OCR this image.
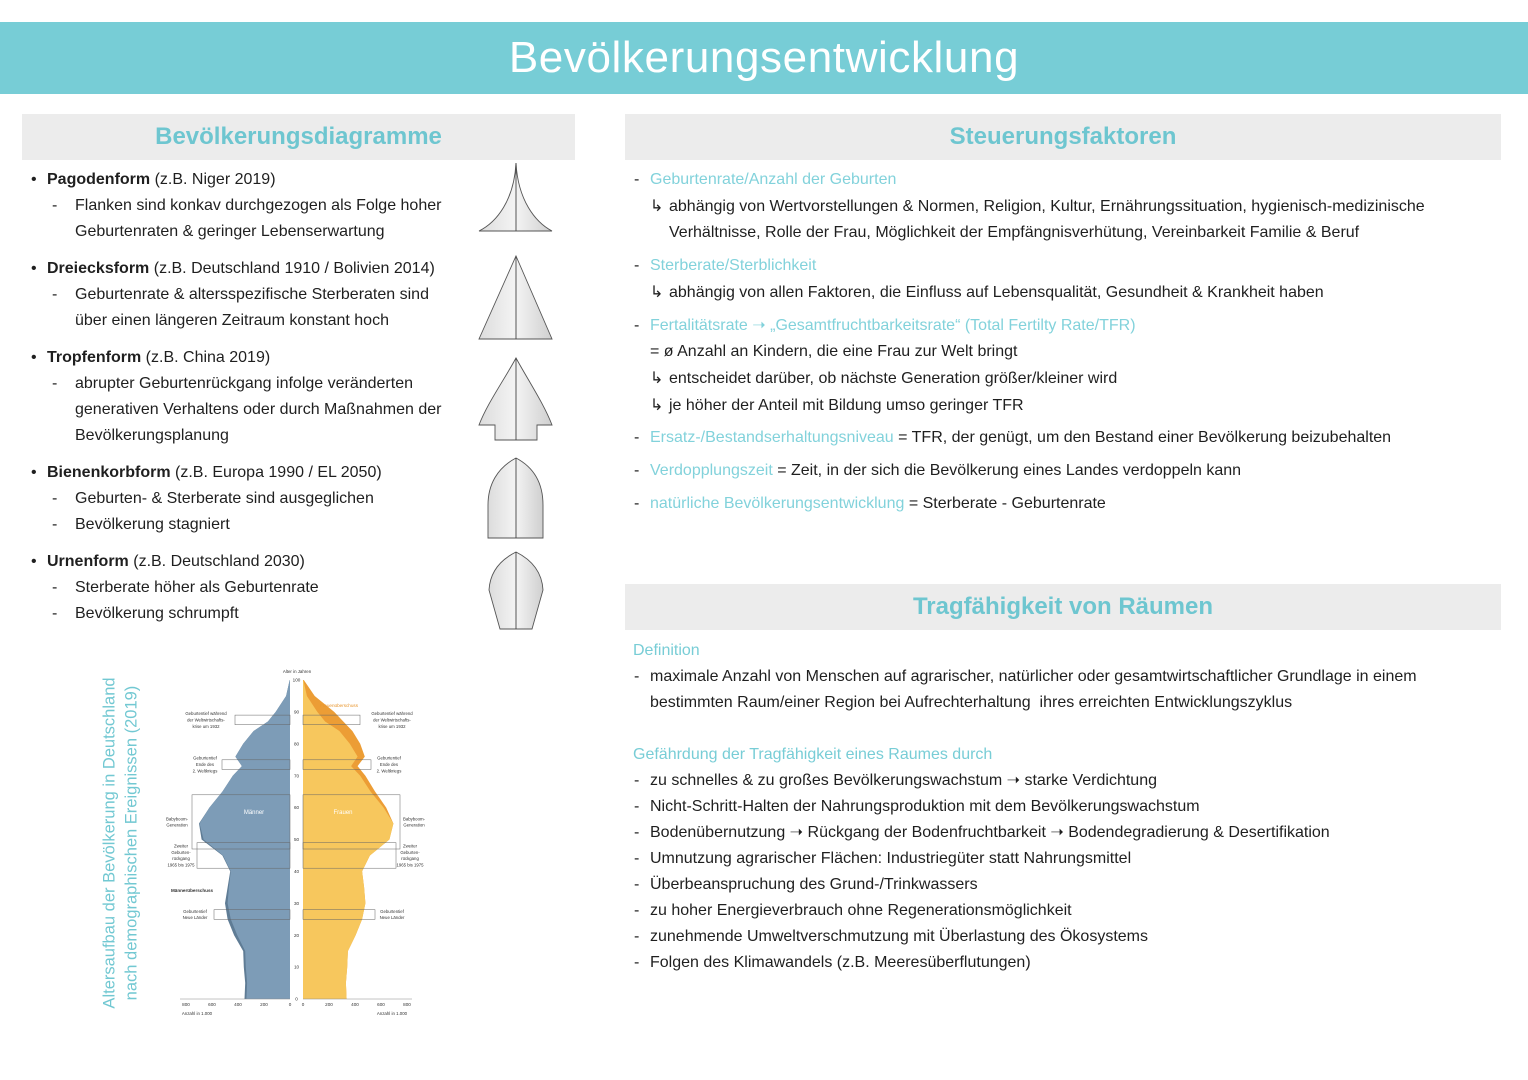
Bevölkerungsentwicklung
Bevölkerungsdiagramme	Steuerungsfaktoren
Tragfähigkeit von Räumen
• Pagodenform (z.B. Niger 2019)
- Flanken sind konkav durchgezogen als Folge hoher
Geburtenraten & geringer Lebenserwartung
• Dreiecksform (z.B. Deutschland 1910 / Bolivien 2014)
- Geburtenrate & altersspezifische Sterberaten sind
über einen längeren Zeitraum konstant hoch
• Tropfenform (z.B. China 2019)
- abrupter Geburtenrückgang infolge veränderten
generativen Verhaltens oder durch Maßnahmen der
Bevölkerungsplanung
• Bienenkorbform (z.B. Europa 1990 / EL 2050)
- Geburten- & Sterberate sind ausgeglichen
- Bevölkerung stagniert
• Urnenform (z.B. Deutschland 2030)
- Sterberate höher als Geburtenrate
- Bevölkerung schrumpft
Altersaufbau der Bevölkerung in Deutschland nach demographischen Ereignissen (2019)
Alter in Jahren
100
90
80
70
60
50
40
30
20
10
0
800	800
600	600
400	400
200	200
0 0
Anzahl in 1.000	Anzahl in 1.000
Männer	Frauen
Frauenüberschuss
Männerüberschuss
Geburtentief während	Geburtentief während
der Weltwirtschafts-	der Weltwirtschafts-
krise um 1932	krise um 1932
Geburtentief	Geburtentief
Ende des	Ende des
2. Weltkriegs	2. Weltkriegs
Babyboom-	Babyboom-
Generation	Generation
Zweiter	Zweiter
Geburten-	Geburten-
rückgang	rückgang
1965 bis 1975	1965 bis 1975
Geburtentief	Geburtentief
Neue Länder	Neue Länder
- Geburtenrate/Anzahl der Geburten
↳ abhängig von Wertvorstellungen & Normen, Religion, Kultur, Ernährungssituation, hygienisch-medizinische
Verhältnisse, Rolle der Frau, Möglichkeit der Empfängnisverhütung, Vereinbarkeit Familie & Beruf
- Sterberate/Sterblichkeit
↳ abhängig von allen Faktoren, die Einfluss auf Lebensqualität, Gesundheit & Krankheit haben
- Fertalitätsrate ➝ „Gesamtfruchtbarkeitsrate“ (Total Fertilty Rate/TFR)
= ø Anzahl an Kindern, die eine Frau zur Welt bringt
↳ entscheidet darüber, ob nächste Generation größer/kleiner wird
↳ je höher der Anteil mit Bildung umso geringer TFR
- Ersatz-/Bestandserhaltungsniveau = TFR, der genügt, um den Bestand einer Bevölkerung beizubehalten
- Verdopplungszeit = Zeit, in der sich die Bevölkerung eines Landes verdoppeln kann
- natürliche Bevölkerungsentwicklung = Sterberate - Geburtenrate
Definition
- maximale Anzahl von Menschen auf agrarischer, natürlicher oder gesamtwirtschaftlicher Grundlage in einem
bestimmten Raum/einer Region bei Aufrechterhaltung  ihres erreichten Entwicklungszyklus
Gefährdung der Tragfähigkeit eines Raumes durch
- zu schnelles & zu großes Bevölkerungswachstum ➝ starke Verdichtung
- Nicht-Schritt-Halten der Nahrungsproduktion mit dem Bevölkerungswachstum
- Bodenübernutzung ➝ Rückgang der Bodenfruchtbarkeit ➝ Bodendegradierung & Desertifikation
- Umnutzung agrarischer Flächen: Industriegüter statt Nahrungsmittel
- Überbeanspruchung des Grund-/Trinkwassers
- zu hoher Energieverbrauch ohne Regenerationsmöglichkeit
- zunehmende Umweltverschmutzung mit Überlastung des Ökosystems
- Folgen des Klimawandels (z.B. Meeresüberflutungen)
